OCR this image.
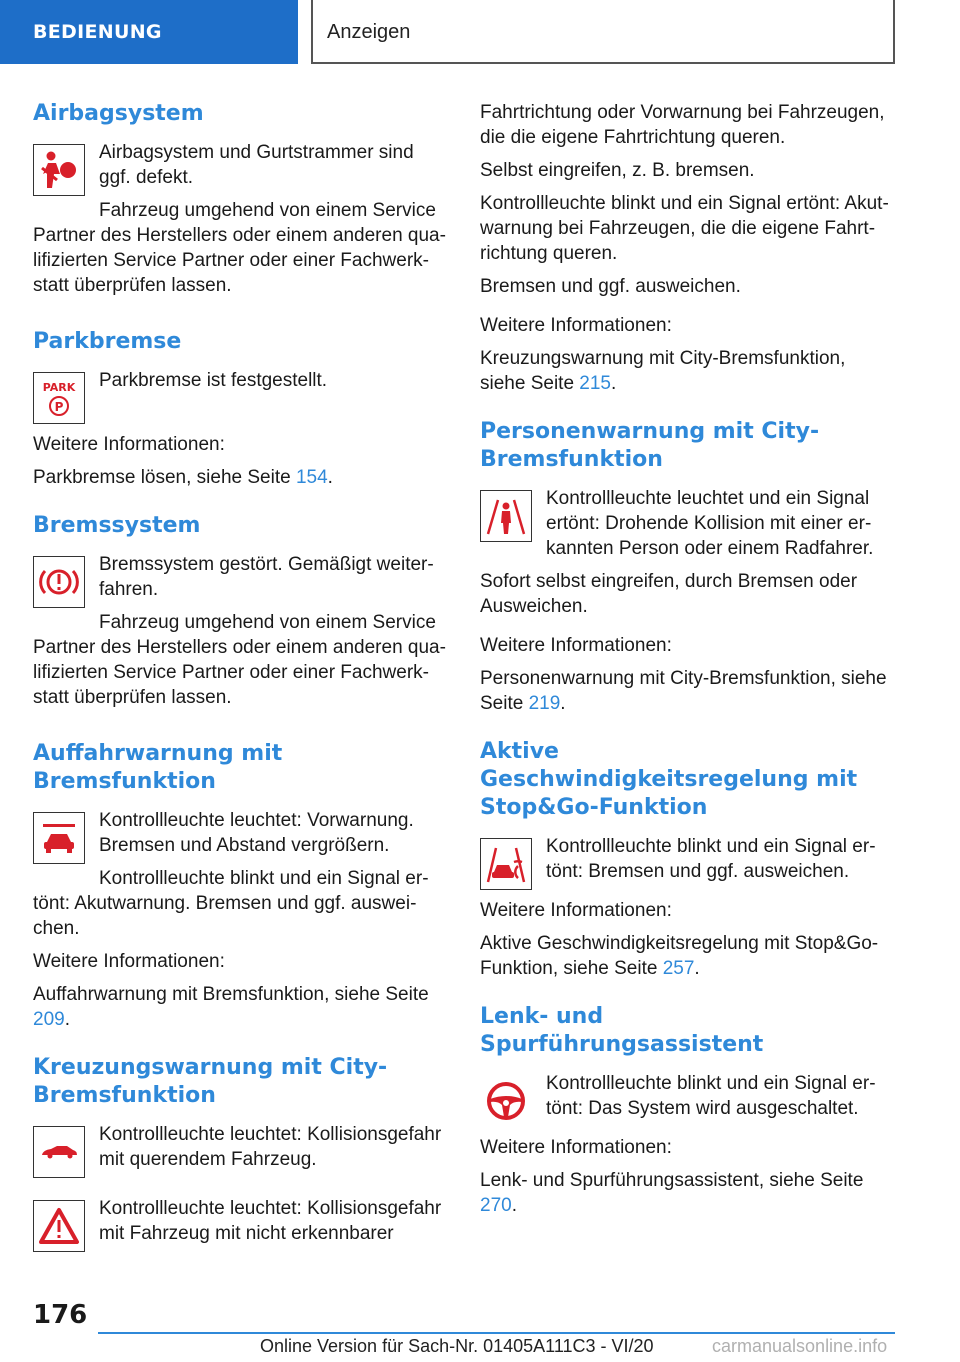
BEDIENUNG	Anzeigen
Airbagsystem

Airbagsystem und Gurtstrammer sind ggf. defekt.

Fahrzeug umgehend von einem Service Partner des Herstellers oder einem anderen qualifizierten Service Partner oder einer Fachwerkstatt überprüfen lassen.

Parkbremse
PARK
P

Parkbremse ist festgestellt.

Weitere Informationen:

Parkbremse lösen, siehe Seite 154.

Bremssystem

Bremssystem gestört. Gemäßigt weiterfahren.

Fahrzeug umgehend von einem Service Partner des Herstellers oder einem anderen qualifizierten Service Partner oder einer Fachwerkstatt überprüfen lassen.

Auffahrwarnung mit Bremsfunktion

Kontrollleuchte leuchtet: Vorwarnung. Bremsen und Abstand vergrößern.

Kontrollleuchte blinkt und ein Signal ertönt: Akutwarnung. Bremsen und ggf. ausweichen.

Weitere Informationen:

Auffahrwarnung mit Bremsfunktion, siehe Seite 209.

Kreuzungswarnung mit City-Bremsfunktion

Kontrollleuchte leuchtet: Kollisionsgefahr mit querendem Fahrzeug.

Kontrollleuchte leuchtet: Kollisionsgefahr mit Fahrzeug mit nicht erkennbarer

Fahrtrichtung oder Vorwarnung bei Fahrzeugen, die die eigene Fahrtrichtung queren.

Selbst eingreifen, z. B. bremsen.

Kontrollleuchte blinkt und ein Signal ertönt: Akutwarnung bei Fahrzeugen, die die eigene Fahrtrichtung queren.

Bremsen und ggf. ausweichen.

Weitere Informationen:

Kreuzungswarnung mit City-Bremsfunktion, siehe Seite 215.

Personenwarnung mit City-Bremsfunktion

Kontrollleuchte leuchtet und ein Signal ertönt: Drohende Kollision mit einer erkannten Person oder einem Radfahrer.

Sofort selbst eingreifen, durch Bremsen oder Ausweichen.

Weitere Informationen:

Personenwarnung mit City-Bremsfunktion, siehe Seite 219.

Aktive Geschwindigkeitsregelung mit Stop&Go-Funktion

Kontrollleuchte blinkt und ein Signal ertönt: Bremsen und ggf. ausweichen.

Weitere Informationen:

Aktive Geschwindigkeitsregelung mit Stop&Go-Funktion, siehe Seite 257.

Lenk- und Spurführungsassistent

Kontrollleuchte blinkt und ein Signal ertönt: Das System wird ausgeschaltet.

Weitere Informationen:

Lenk- und Spurführungsassistent, siehe Seite 270.

176
Online Version für Sach-Nr. 01405A111C3 - VI/20	carmanualsonline.info
